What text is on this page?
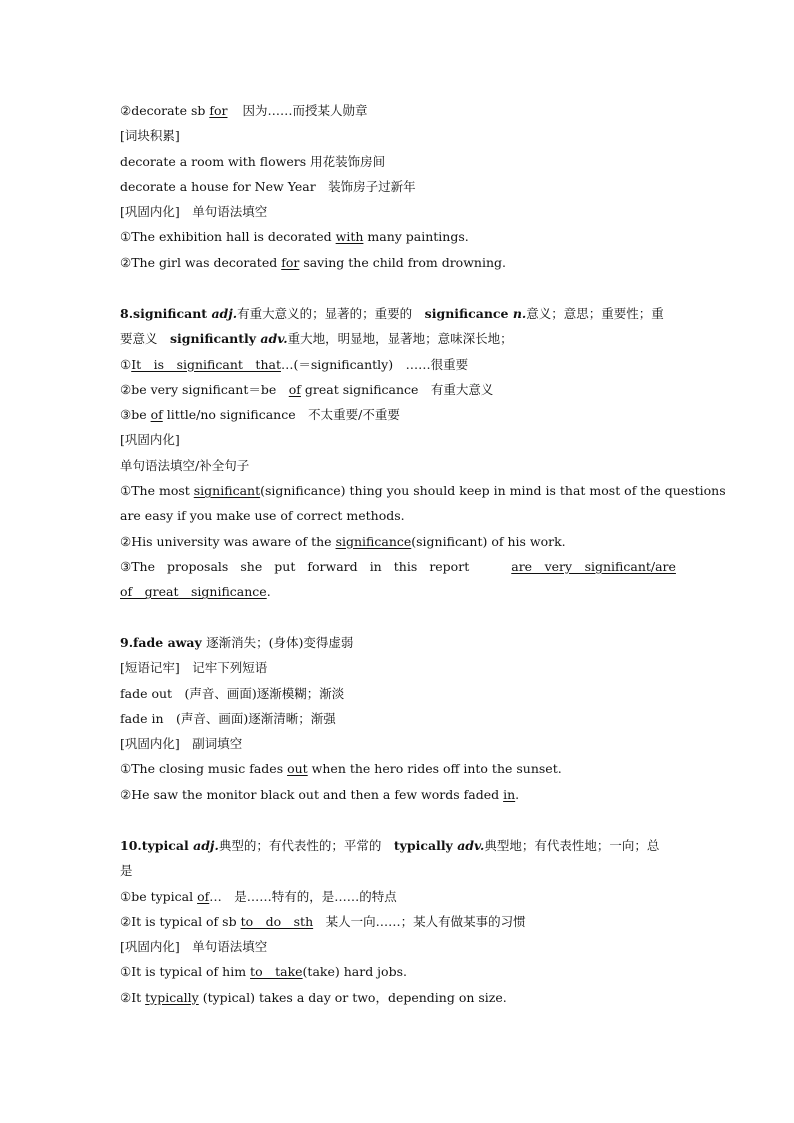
②decorate sb for 因为……而授某人勋章
[词块积累]
decorate a room with flowers 用花装饰房间
decorate a house for New Year　装饰房子过新年
[巩固内化]　单句语法填空
①The exhibition hall is decorated with many paintings.
②The girl was decorated for saving the child from drowning.
8.significant adj.有重大意义的；显著的；重要的　significance n.意义；意思；重要性；重
要意义　significantly adv.重大地，明显地，显著地；意味深长地；
①It__is__significant__that…(＝significantly)　……很重要
②be very significant＝be　of great significance　有重大意义
③be of little/no significance　不太重要/不重要
[巩固内化]
单句语法填空/补全句子
①The most significant(significance) thing you should keep in mind is that most of the questions
are easy if you make use of correct methods.
②His university was aware of the significance(significant) of his work.
③The proposals she put forward in this report	are__very__significant/are
of__great__significance.
9.fade away 逐渐消失；(身体)变得虚弱
[短语记牢]　记牢下列短语
fade out　(声音、画面)逐渐模糊；渐淡
fade in　(声音、画面)逐渐清晰；渐强
[巩固内化]　副词填空
①The closing music fades out when the hero rides off into the sunset.
②He saw the monitor black out and then a few words faded in.
10.typical adj.典型的；有代表性的；平常的　typically adv.典型地；有代表性地；一向；总
是
①be typical of…　是……特有的，是……的特点
②It is typical of sb to__do__sth　某人一向……；某人有做某事的习惯
[巩固内化]　单句语法填空
①It is typical of him to__take(take) hard jobs.
②It typically (typical) takes a day or two，depending on size.
